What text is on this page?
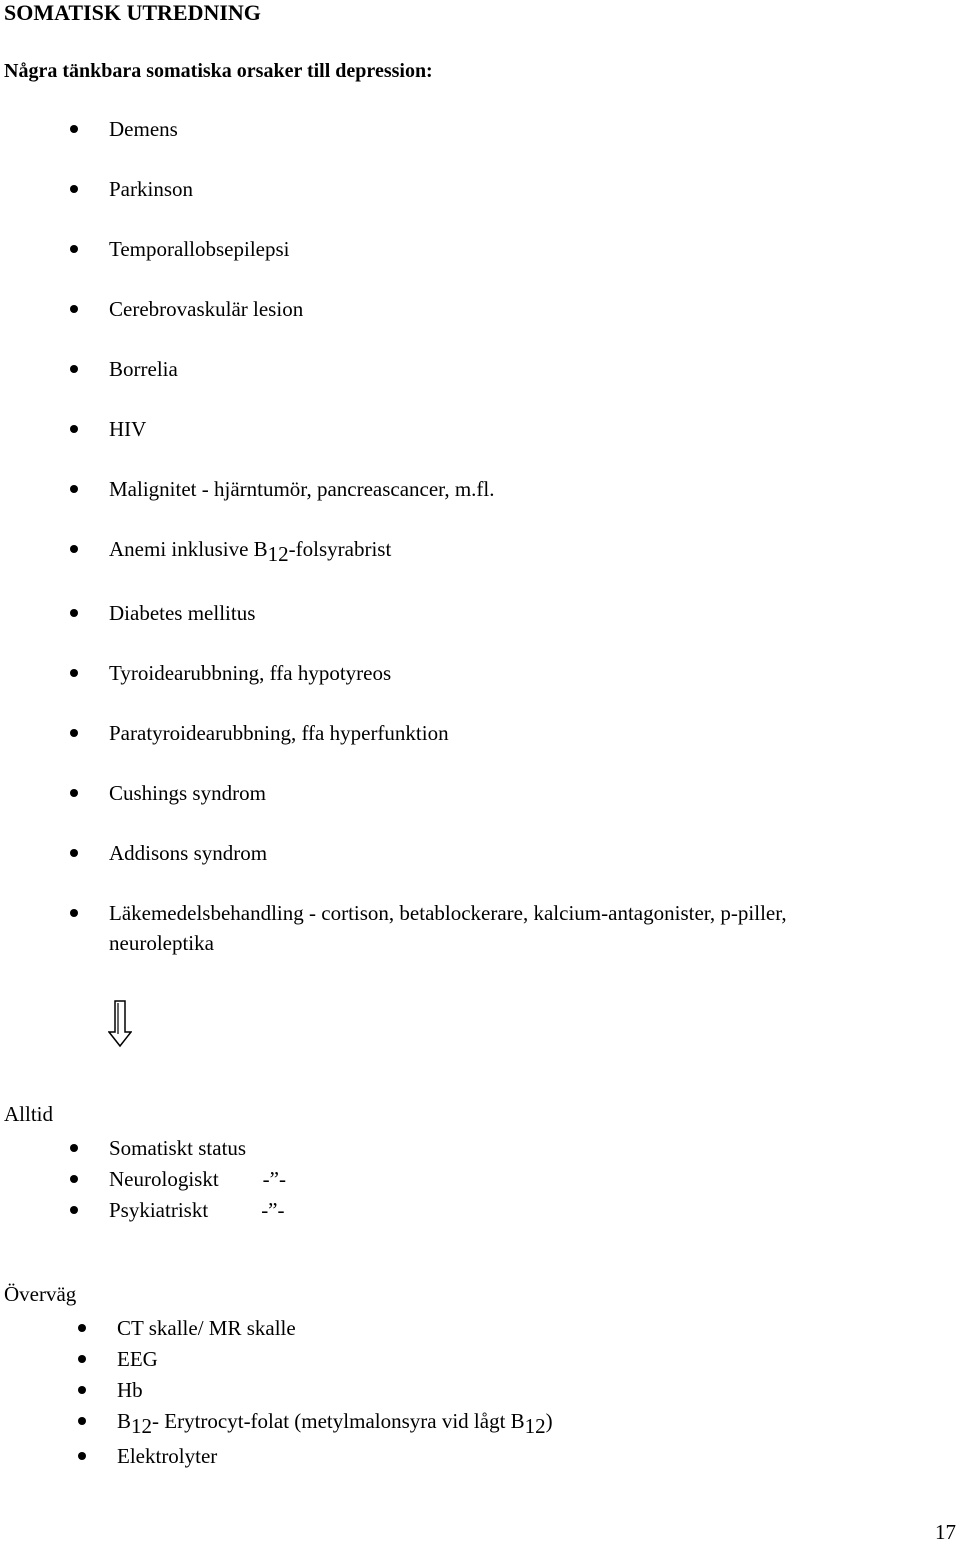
SOMATISK UTREDNING
Några tänkbara somatiska orsaker till depression:
Demens
Parkinson
Temporallobsepilepsi
Cerebrovaskulär lesion
Borrelia
HIV
Malignitet - hjärntumör, pancreascancer, m.fl.
Anemi inklusive B12-folsyrabrist
Diabetes mellitus
Tyroidearubbning, ffa hypotyreos
Paratyroidearubbning, ffa hyperfunktion
Cushings syndrom
Addisons syndrom
Läkemedelsbehandling - cortison, betablockerare, kalcium-antagonister, p-piller,
neuroleptika
Alltid
Somatiskt status
Neurologiskt -”-
Psykiatriskt	-”-
Överväg
CT skalle/ MR skalle
EEG
Hb
B12- Erytrocyt-folat (metylmalonsyra vid lågt B12)
Elektrolyter
17
